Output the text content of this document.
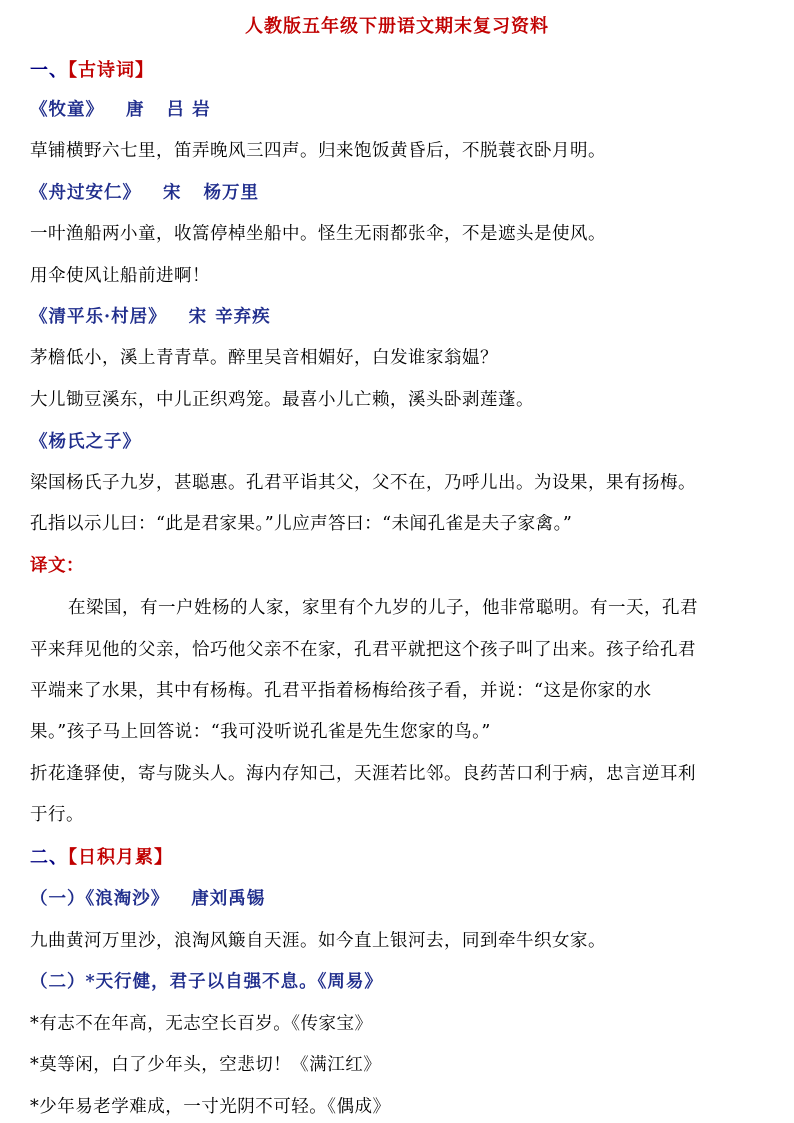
人教版五年级下册语文期末复习资料
一、【古诗词】
《牧童》 唐 吕 岩
草铺横野六七里，笛弄晚风三四声。归来饱饭黄昏后，不脱蓑衣卧月明。
《舟过安仁》 宋 杨万里
一叶渔船两小童，收篙停棹坐船中。怪生无雨都张伞，不是遮头是使风。
用伞使风让船前进啊！
《清平乐·村居》 宋 辛弃疾
茅檐低小，溪上青青草。醉里吴音相媚好，白发谁家翁媪？
大儿锄豆溪东，中儿正织鸡笼。最喜小儿亡赖，溪头卧剥莲蓬。
《杨氏之子》
梁国杨氏子九岁，甚聪惠。孔君平诣其父，父不在，乃呼儿出。为设果，果有扬梅。
孔指以示儿曰：“此是君家果。”儿应声答曰：“未闻孔雀是夫子家禽。”
译文：
在梁国，有一户姓杨的人家，家里有个九岁的儿子，他非常聪明。有一天，孔君
平来拜见他的父亲，恰巧他父亲不在家，孔君平就把这个孩子叫了出来。孩子给孔君
平端来了水果，其中有杨梅。孔君平指着杨梅给孩子看，并说：“这是你家的水
果。”孩子马上回答说：“我可没听说孔雀是先生您家的鸟。”
折花逢驿使，寄与陇头人。海内存知己，天涯若比邻。良药苦口利于病，忠言逆耳利
于行。
二、【日积月累】
（一）《浪淘沙》 唐刘禹锡
九曲黄河万里沙，浪淘风簸自天涯。如今直上银河去，同到牵牛织女家。
（二）*天行健，君子以自强不息。《周易》
*有志不在年高，无志空长百岁。《传家宝》
*莫等闲，白了少年头，空悲切！《满江红》
*少年易老学难成，一寸光阴不可轻。《偶成》
